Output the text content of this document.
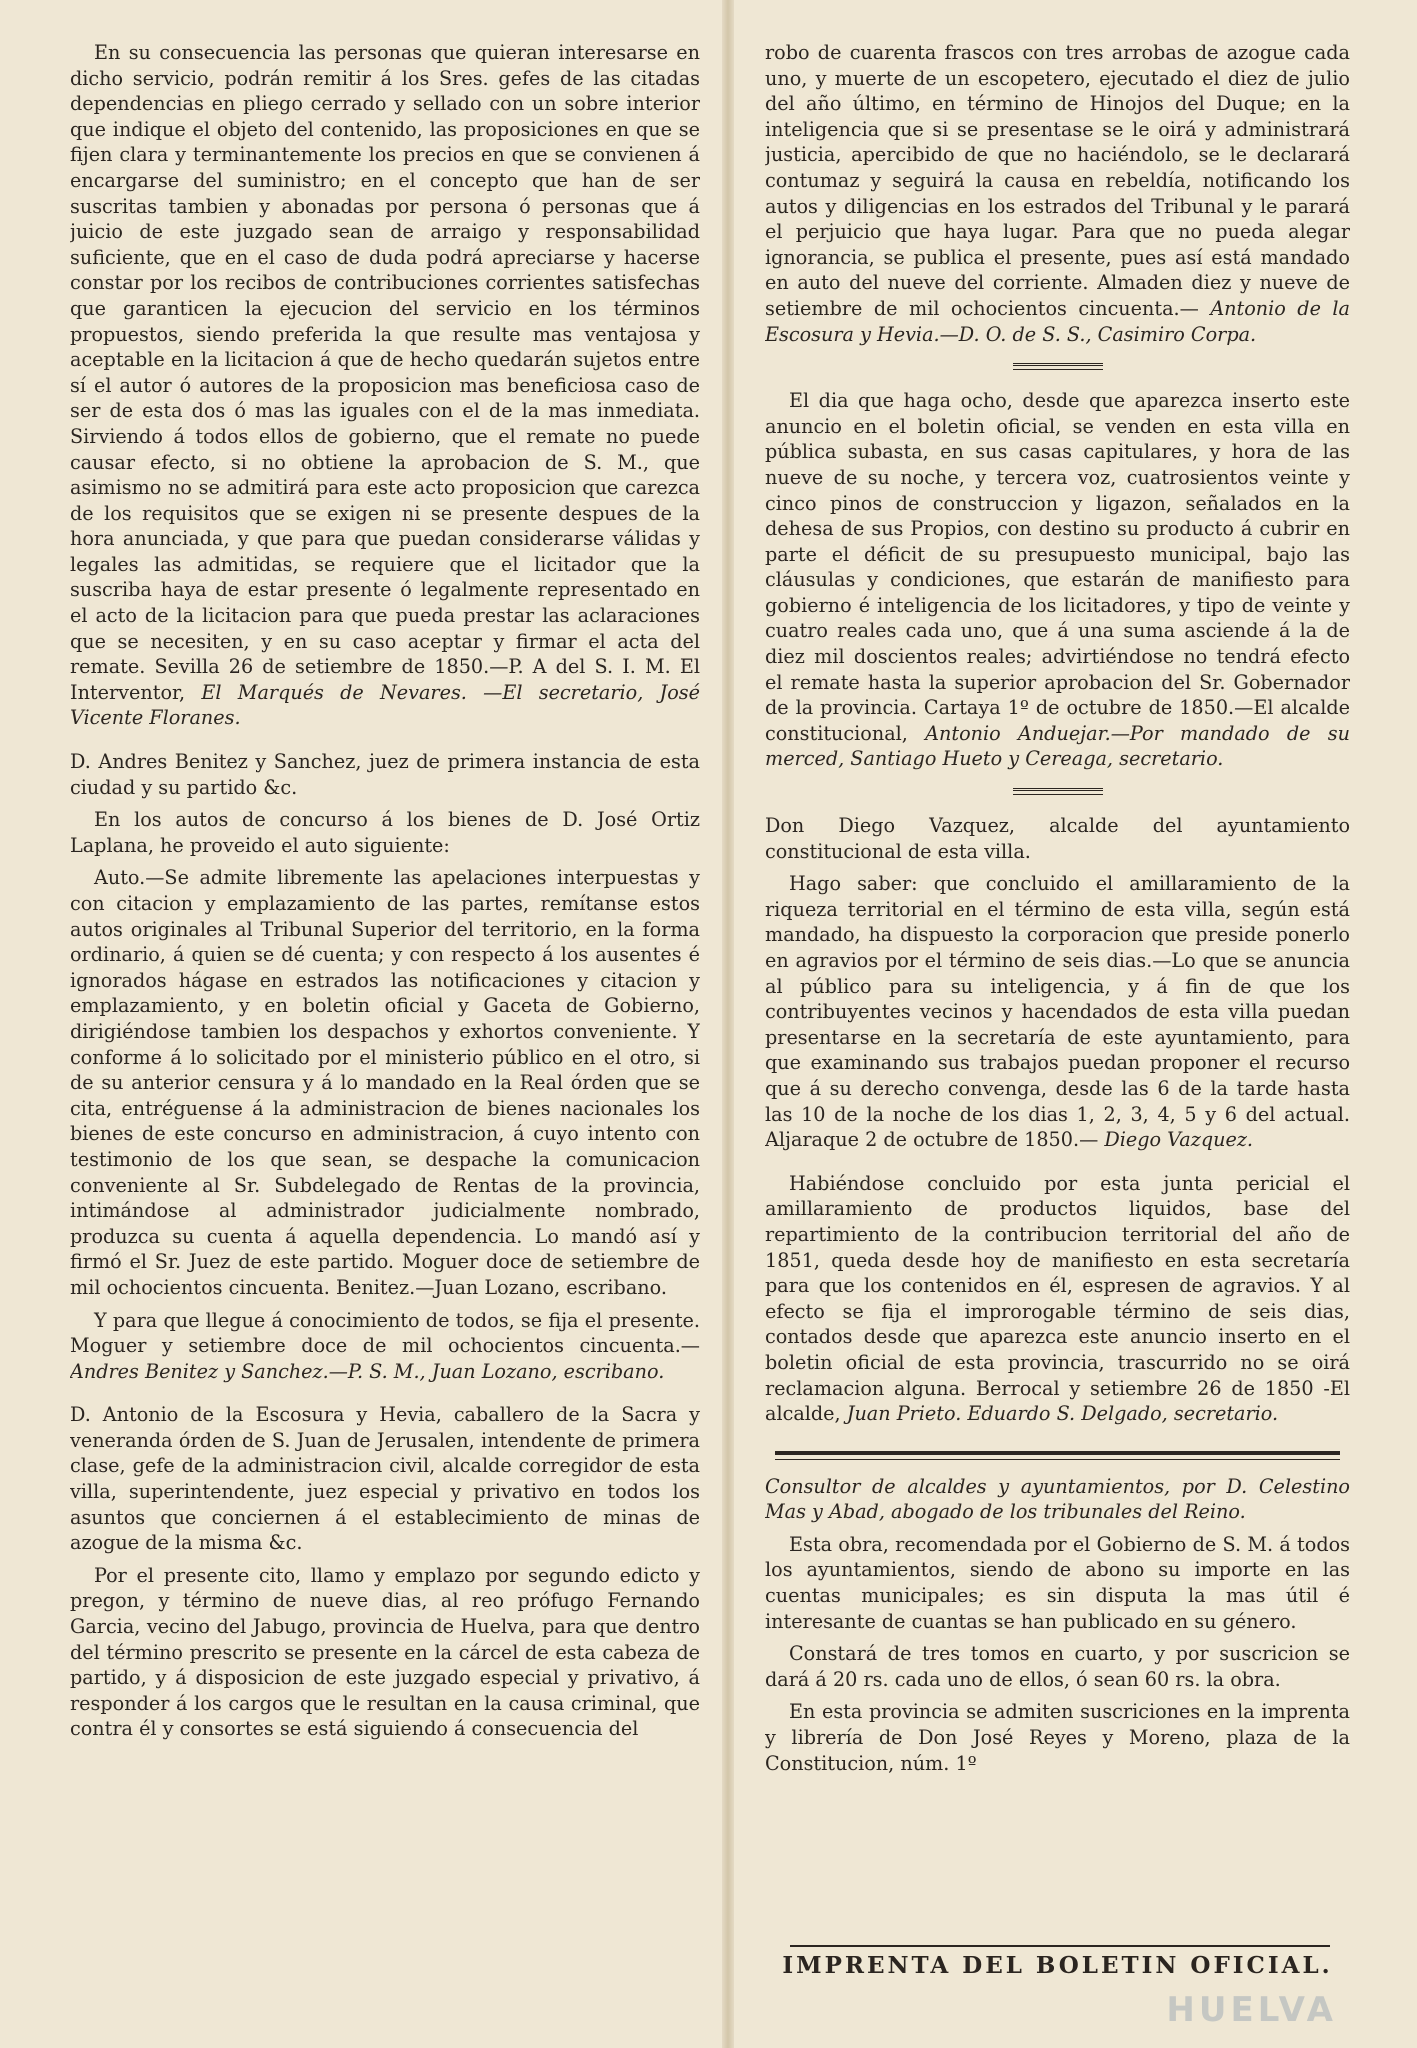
En su consecuencia las personas que quieran interesarse en dicho servicio, podrán remitir á los Sres. gefes de las citadas dependencias en pliego cerrado y sellado con un sobre interior que indique el objeto del contenido, las proposiciones en que se fijen clara y terminantemente los precios en que se convienen á encargarse del suministro; en el concepto que han de ser suscritas tambien y abonadas por persona ó personas que á juicio de este juzgado sean de arraigo y responsabilidad suficiente, que en el caso de duda podrá apreciarse y hacerse constar por los recibos de contribuciones corrientes satisfechas que garanticen la ejecucion del servicio en los términos propuestos, siendo preferida la que resulte mas ventajosa y aceptable en la licitacion á que de hecho quedarán sujetos entre sí el autor ó autores de la proposicion mas beneficiosa caso de ser de esta dos ó mas las iguales con el de la mas inmediata. Sirviendo á todos ellos de gobierno, que el remate no puede causar efecto, si no obtiene la aprobacion de S. M., que asimismo no se admitirá para este acto proposicion que carezca de los requisitos que se exigen ni se presente despues de la hora anunciada, y que para que puedan considerarse válidas y legales las admitidas, se requiere que el licitador que la suscriba haya de estar presente ó legalmente representado en el acto de la licitacion para que pueda prestar las aclaraciones que se necesiten, y en su caso aceptar y firmar el acta del remate. Sevilla 26 de setiembre de 1850.—P. A del S. I. M. El Interventor, El Marqués de Nevares. —El secretario, José Vicente Floranes.

D. Andres Benitez y Sanchez, juez de primera instancia de esta ciudad y su partido &c.

En los autos de concurso á los bienes de D. José Ortiz Laplana, he proveido el auto siguiente:

Auto.—Se admite libremente las apelaciones interpuestas y con citacion y emplazamiento de las partes, remítanse estos autos originales al Tribunal Superior del territorio, en la forma ordinario, á quien se dé cuenta; y con respecto á los ausentes é ignorados hágase en estrados las notificaciones y citacion y emplazamiento, y en boletin oficial y Gaceta de Gobierno, dirigiéndose tambien los despachos y exhortos conveniente. Y conforme á lo solicitado por el ministerio público en el otro, si de su anterior censura y á lo mandado en la Real órden que se cita, entréguense á la administracion de bienes nacionales los bienes de este concurso en administracion, á cuyo intento con testimonio de los que sean, se despache la comunicacion conveniente al Sr. Subdelegado de Rentas de la provincia, intimándose al administrador judicialmente nombrado, produzca su cuenta á aquella dependencia. Lo mandó así y firmó el Sr. Juez de este partido. Moguer doce de setiembre de mil ochocientos cincuenta. Benitez.—Juan Lozano, escribano.

Y para que llegue á conocimiento de todos, se fija el presente. Moguer y setiembre doce de mil ochocientos cincuenta.— Andres Benitez y Sanchez.—P. S. M., Juan Lozano, escribano.

D. Antonio de la Escosura y Hevia, caballero de la Sacra y veneranda órden de S. Juan de Jerusalen, intendente de primera clase, gefe de la administracion civil, alcalde corregidor de esta villa, superintendente, juez especial y privativo en todos los asuntos que conciernen á el establecimiento de minas de azogue de la misma &c.

Por el presente cito, llamo y emplazo por segundo edicto y pregon, y término de nueve dias, al reo prófugo Fernando Garcia, vecino del Jabugo, provincia de Huelva, para que dentro del término prescrito se presente en la cárcel de esta cabeza de partido, y á disposicion de este juzgado especial y privativo, á responder á los cargos que le resultan en la causa criminal, que contra él y consortes se está siguiendo á consecuencia del

robo de cuarenta frascos con tres arrobas de azogue cada uno, y muerte de un escopetero, ejecutado el diez de julio del año último, en término de Hinojos del Duque; en la inteligencia que si se presentase se le oirá y administrará justicia, apercibido de que no haciéndolo, se le declarará contumaz y seguirá la causa en rebeldía, notificando los autos y diligencias en los estrados del Tribunal y le parará el perjuicio que haya lugar. Para que no pueda alegar ignorancia, se publica el presente, pues así está mandado en auto del nueve del corriente. Almaden diez y nueve de setiembre de mil ochocientos cincuenta.— Antonio de la Escosura y Hevia.—D. O. de S. S., Casimiro Corpa.

El dia que haga ocho, desde que aparezca inserto este anuncio en el boletin oficial, se venden en esta villa en pública subasta, en sus casas capitulares, y hora de las nueve de su noche, y tercera voz, cuatrosientos veinte y cinco pinos de construccion y ligazon, señalados en la dehesa de sus Propios, con destino su producto á cubrir en parte el déficit de su presupuesto municipal, bajo las cláusulas y condiciones, que estarán de manifiesto para gobierno é inteligencia de los licitadores, y tipo de veinte y cuatro reales cada uno, que á una suma asciende á la de diez mil doscientos reales; advirtiéndose no tendrá efecto el remate hasta la superior aprobacion del Sr. Gobernador de la provincia. Cartaya 1º de octubre de 1850.—El alcalde constitucional, Antonio Anduejar.—Por mandado de su merced, Santiago Hueto y Cereaga, secretario.

Don Diego Vazquez, alcalde del ayuntamiento constitucional de esta villa.

Hago saber: que concluido el amillaramiento de la riqueza territorial en el término de esta villa, según está mandado, ha dispuesto la corporacion que preside ponerlo en agravios por el término de seis dias.—Lo que se anuncia al público para su inteligencia, y á fin de que los contribuyentes vecinos y hacendados de esta villa puedan presentarse en la secretaría de este ayuntamiento, para que examinando sus trabajos puedan proponer el recurso que á su derecho convenga, desde las 6 de la tarde hasta las 10 de la noche de los dias 1, 2, 3, 4, 5 y 6 del actual. Aljaraque 2 de octubre de 1850.— Diego Vazquez.

Habiéndose concluido por esta junta pericial el amillaramiento de productos liquidos, base del repartimiento de la contribucion territorial del año de 1851, queda desde hoy de manifiesto en esta secretaría para que los contenidos en él, espresen de agravios. Y al efecto se fija el improrogable término de seis dias, contados desde que aparezca este anuncio inserto en el boletin oficial de esta provincia, trascurrido no se oirá reclamacion alguna. Berrocal y setiembre 26 de 1850 -El alcalde, Juan Prieto. Eduardo S. Delgado, secretario.

Consultor de alcaldes y ayuntamientos, por D. Celestino Mas y Abad, abogado de los tribunales del Reino.

Esta obra, recomendada por el Gobierno de S. M. á todos los ayuntamientos, siendo de abono su importe en las cuentas municipales; es sin disputa la mas útil é interesante de cuantas se han publicado en su género.

Constará de tres tomos en cuarto, y por suscricion se dará á 20 rs. cada uno de ellos, ó sean 60 rs. la obra.

En esta provincia se admiten suscriciones en la imprenta y librería de Don José Reyes y Moreno, plaza de la Constitucion, núm. 1º

IMPRENTA DEL BOLETIN OFICIAL.
HUELVA
